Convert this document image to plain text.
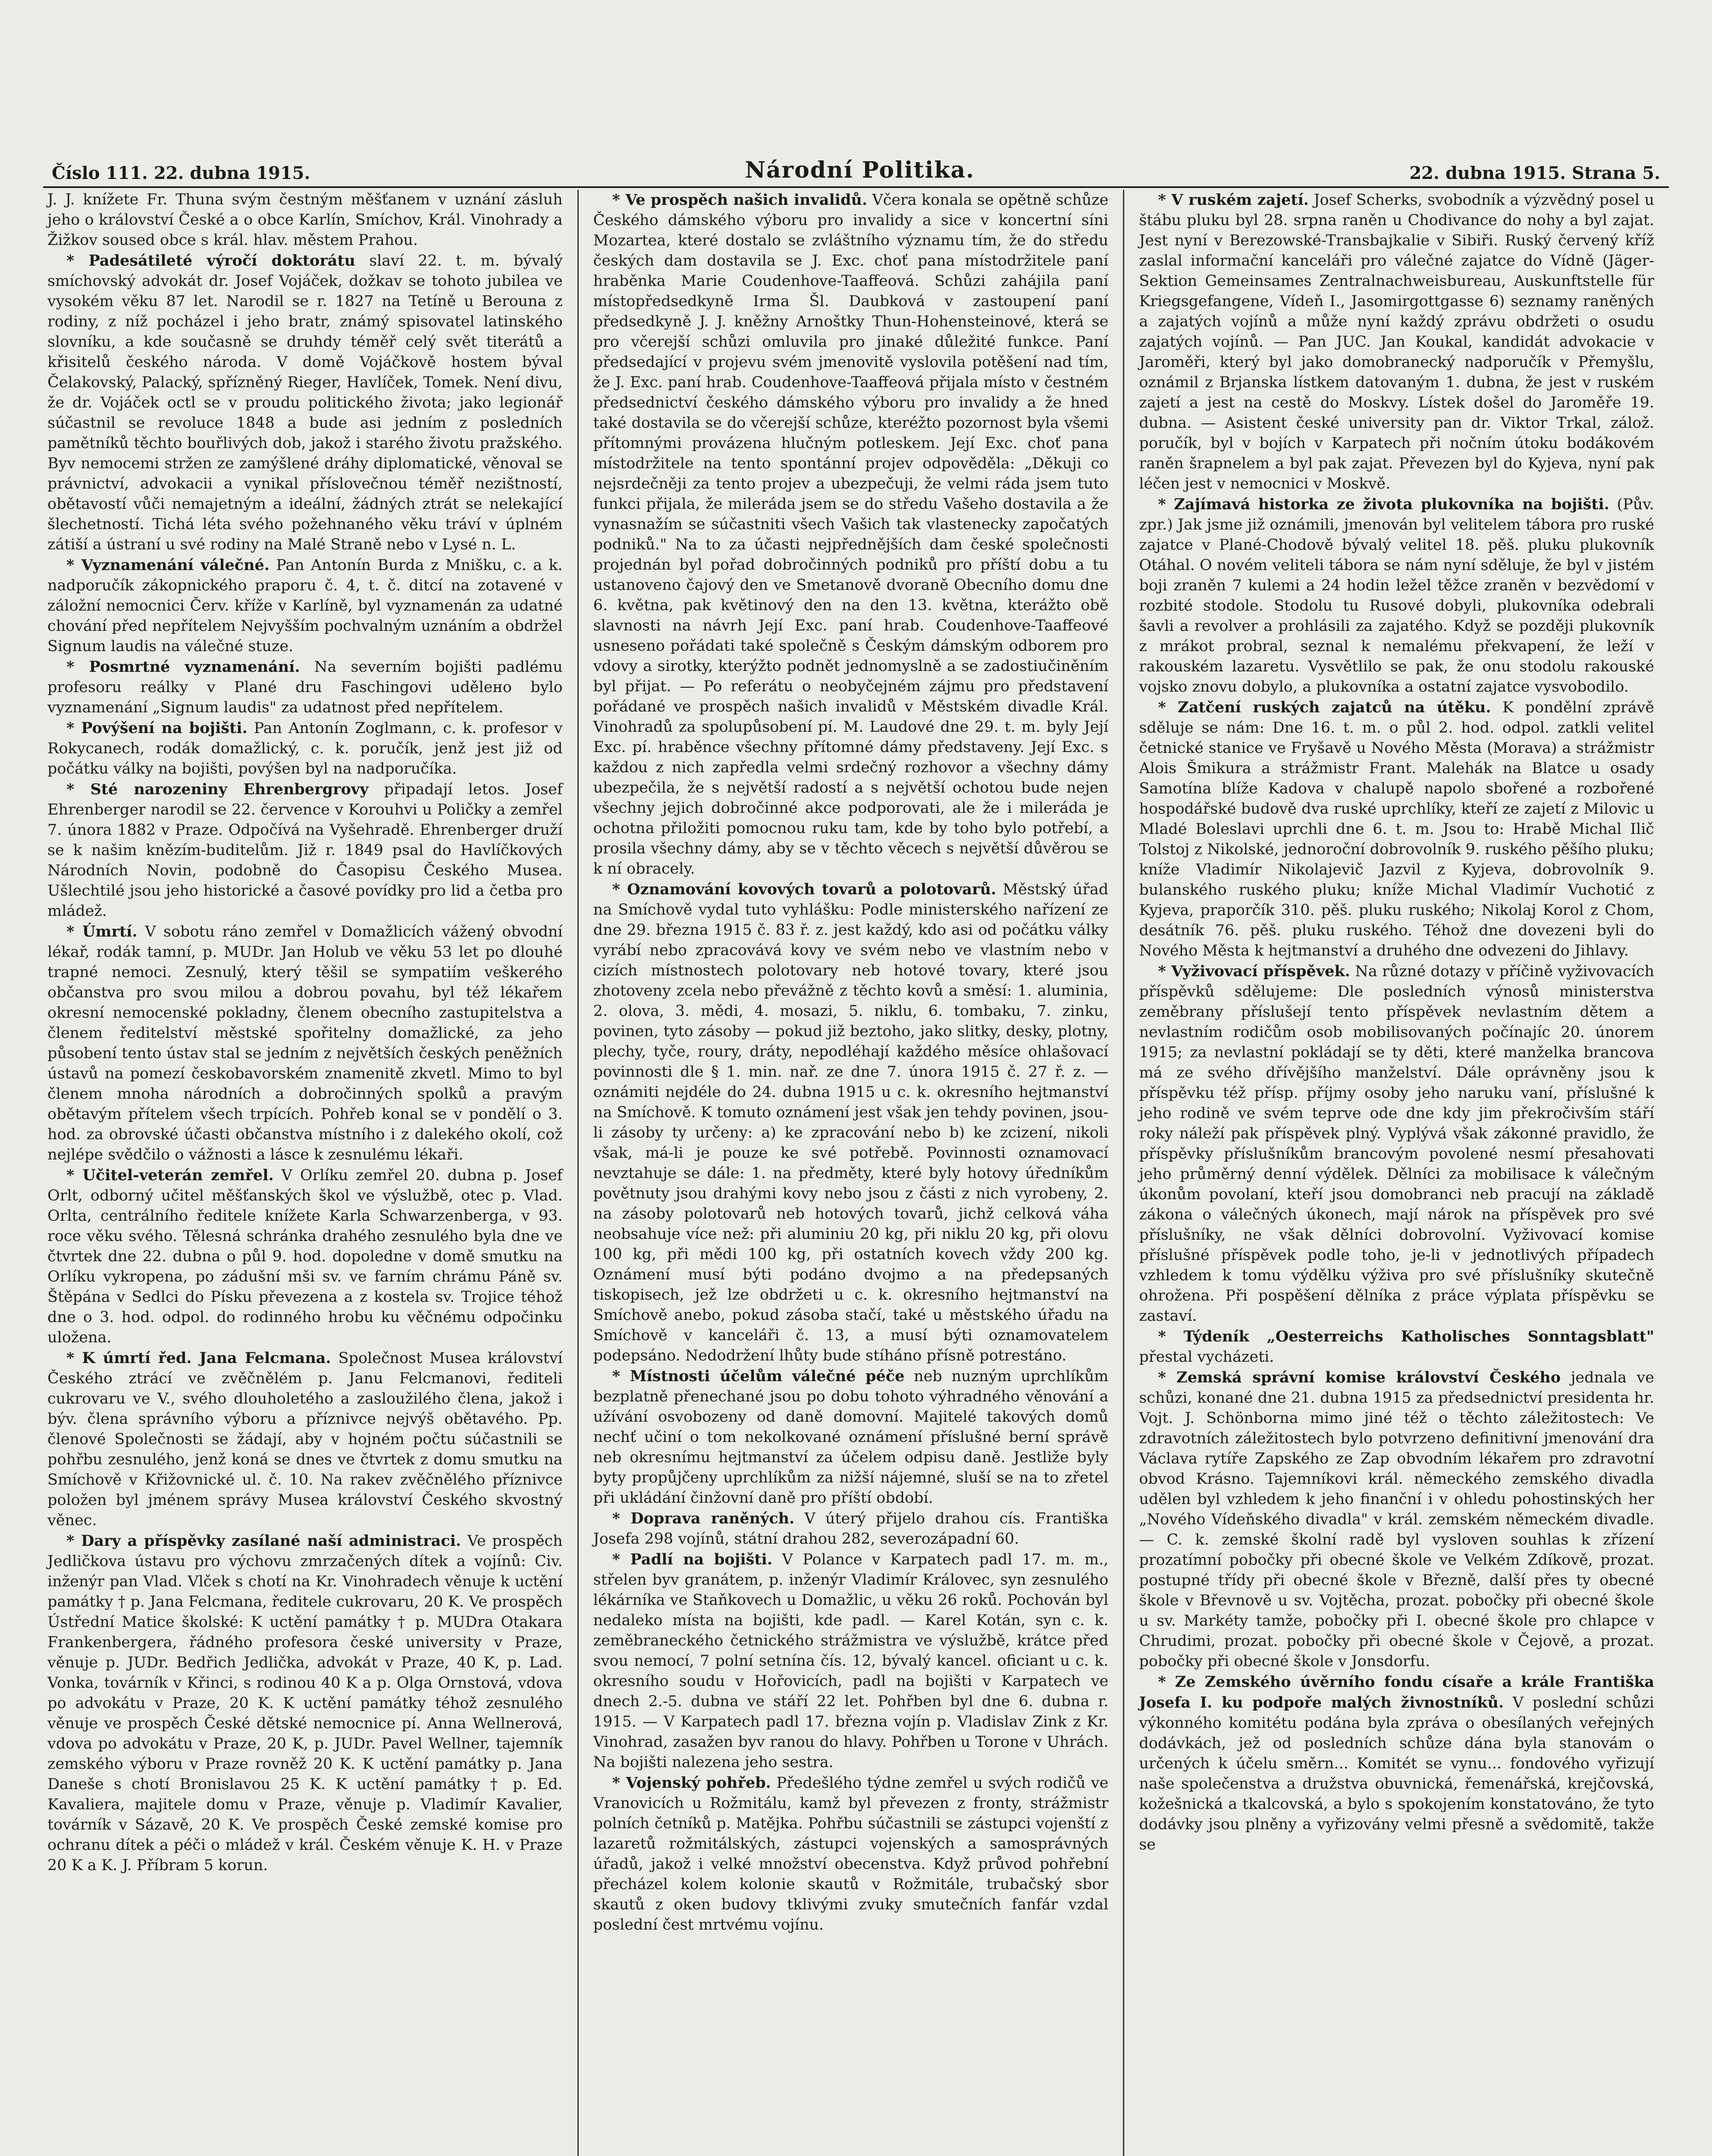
Číslo 111. 22. dubna 1915.	Národní Politika.	22. dubna 1915. Strana 5.

J. J. knížete Fr. Thuna svým čestným měšťanem v uznání zásluh jeho o království České a o obce Karlín, Smíchov, Král. Vinohrady a Žižkov soused obce s král. hlav. městem Prahou.

* Padesátileté výročí doktorátu slaví 22. t. m. bývalý smíchovský advokát dr. Josef Vojáček, dožkav se tohoto jubilea ve vysokém věku 87 let. Narodil se r. 1827 na Tetíně u Berouna z rodiny, z níž pocházel i jeho bratr, známý spisovatel latinského slovníku, a kde současně se druhdy téměř celý svět titerátů a křisitelů českého národa. V domě Vojáčkově hostem býval Čelakovský, Palacký, spřízněný Rieger, Havlíček, Tomek. Není divu, že dr. Vojáček octl se v proudu politického života; jako legionář súčastnil se revoluce 1848 a bude asi jedním z posledních pamětníků těchto bouřlivých dob, jakož i starého životu pražského. Byv nemocemi stržen ze zamýšlené dráhy diplomatické, věnoval se právnictví, advokacii a vynikal příslovečnou téměř nezištností, obětavostí vůči nemajetným a ideální, žádných ztrát se nelekající šlechetností. Tichá léta svého požehnaného věku tráví v úplném zátiší a ústraní u své rodiny na Malé Straně nebo v Lysé n. L.

* Vyznamenání válečné. Pan Antonín Burda z Mnišku, c. a k. nadporučík zákopnického praporu č. 4, t. č. ditcí na zotavené v záložní nemocnici Červ. kříže v Karlíně, byl vyznamenán za udatné chování před nepřítelem Nejvyšším pochvalným uznáním a obdržel Signum laudis na válečné stuze.

* Posmrtné vyznamenání. Na severním bojišti padlému profesoru reálky v Plané dru Faschingovi udělено bylo vyznamenání „Signum laudis" za udatnost před nepřítelem.

* Povýšení na bojišti. Pan Antonín Zoglmann, c. k. profesor v Rokycanech, rodák domažlický, c. k. poručík, jenž jest již od počátku války na bojišti, povýšen byl na nadporučíka.

* Sté narozeniny Ehrenbergrovy připadají letos. Josef Ehrenberger narodil se 22. července v Korouhvi u Poličky a zemřel 7. února 1882 v Praze. Odpočívá na Vyšehradě. Ehrenberger druží se k našim knězím-buditelům. Již r. 1849 psal do Havlíčkových Národních Novin, podobně do Časopisu Českého Musea. Ušlechtilé jsou jeho historické a časové povídky pro lid a četba pro mládež.

* Úmrtí. V sobotu ráno zemřel v Domažlicích vážený obvodní lékař, rodák tamní, p. MUDr. Jan Holub ve věku 53 let po dlouhé trapné nemoci. Zesnulý, který těšil se sympatiím veškerého občanstva pro svou milou a dobrou povahu, byl též lékařem okresní nemocenské pokladny, členem obecního zastupitelstva a členem ředitelství městské spořitelny domažlické, za jeho působení tento ústav stal se jedním z největších českých peněžních ústavů na pomezí českobavorském znamenitě zkvetl. Mimo to byl členem mnoha národních a dobročinných spolků a pravým obětavým přítelem všech trpících. Pohřeb konal se v pondělí o 3. hod. za obrovské účasti občanstva místního i z dalekého okolí, což nejlépe svědčilo o vážnosti a lásce k zesnulému lékaři.

* Učitel-veterán zemřel. V Orlíku zemřel 20. dubna p. Josef Orlt, odborný učitel měšťanských škol ve výslužbě, otec p. Vlad. Orlta, centrálního ředitele knížete Karla Schwarzenberga, v 93. roce věku svého. Tělesná schránka drahého zesnulého byla dne ve čtvrtek dne 22. dubna o půl 9. hod. dopoledne v domě smutku na Orlíku vykropena, po zádušní mši sv. ve farním chrámu Páně sv. Štěpána v Sedlci do Písku převezena a z kostela sv. Trojice téhož dne o 3. hod. odpol. do rodinného hrobu ku věčnému odpočinku uložena.

* K úmrtí řed. Jana Felcmana. Společnost Musea království Českého ztrácí ve zvěčnělém p. Janu Felcmanovi, řediteli cukrovaru ve V., svého dlouholetého a zasloužilého člena, jakož i býv. člena správního výboru a příznivce nejvýš obětavého. Pp. členové Společnosti se žádají, aby v hojném počtu súčastnili se pohřbu zesnulého, jenž koná se dnes ve čtvrtek z domu smutku na Smíchově v Křižovnické ul. č. 10. Na rakev zvěčnělého příznivce položen byl jménem správy Musea království Českého skvostný věnec.

* Dary a příspěvky zasílané naší administraci. Ve prospěch Jedličkova ústavu pro výchovu zmrzačených dítek a vojínů: Civ. inženýr pan Vlad. Vlček s chotí na Kr. Vinohradech věnuje k uctění památky † p. Jana Felcmana, ředitele cukrovaru, 20 K. Ve prospěch Ústřední Matice školské: K uctění památky † p. MUDra Otakara Frankenbergera, řádného profesora české university v Praze, věnuje p. JUDr. Bedřich Jedlička, advokát v Praze, 40 K, p. Lad. Vonka, továrník v Křinci, s rodinou 40 K a p. Olga Ornstová, vdova po advokátu v Praze, 20 K. K uctění památky téhož zesnulého věnuje ve prospěch České dětské nemocnice pí. Anna Wellnerová, vdova po advokátu v Praze, 20 K, p. JUDr. Pavel Wellner, tajemník zemského výboru v Praze rovněž 20 K. K uctění památky p. Jana Daneše s chotí Bronislavou 25 K. K uctění památky † p. Ed. Kavaliera, majitele domu v Praze, věnuje p. Vladimír Kavalier, továrník v Sázavě, 20 K. Ve prospěch České zemské komise pro ochranu dítek a péči o mládež v král. Českém věnuje K. H. v Praze 20 K a K. J. Příbram 5 korun.

* Ve prospěch našich invalidů. Včera konala se opětně schůze Českého dámského výboru pro invalidy a sice v koncertní síni Mozartea, které dostalo se zvláštního významu tím, že do středu českých dam dostavila se J. Exc. choť pana místodržitele paní hraběnka Marie Coudenhove-Taaffeová. Schůzi zahájila paní místopředsedkyně Irma Šl. Daubková v zastoupení paní předsedkyně J. J. kněžny Arnoštky Thun-Hohensteinové, která se pro včerejší schůzi omluvila pro jinaké důležité funkce. Paní předsedající v projevu svém jmenovitě vyslovila potěšení nad tím, že J. Exc. paní hrab. Coudenhove-Taaffeová přijala místo v čestném předsednictví českého dámského výboru pro invalidy a že hned také dostavila se do včerejší schůze, kteréžto pozornost byla všemi přítomnými provázena hlučným potleskem. Její Exc. choť pana místodržitele na tento spontánní projev odpověděla: „Děkuji co nejsrdečněji za tento projev a ubezpečuji, že velmi ráda jsem tuto funkci přijala, že mileráda jsem se do středu Vašeho dostavila a že vynasnažím se súčastniti všech Vašich tak vlastenecky započatých podniků." Na to za účasti nejpřednějších dam české společnosti projednán byl pořad dobročinných podniků pro příští dobu a tu ustanoveno čajový den ve Smetanově dvoraně Obecního domu dne 6. května, pak květinový den na den 13. května, kterážto obě slavnosti na návrh Její Exc. paní hrab. Coudenhove-Taaffeové usneseno pořádati také společně s Českým dámským odborem pro vdovy a sirotky, kterýžto podnět jednomyslně a se zadostiučiněním byl přijat. — Po referátu o neobyčejném zájmu pro představení pořádané ve prospěch našich invalidů v Městském divadle Král. Vinohradů za spolupůsobení pí. M. Laudové dne 29. t. m. byly Její Exc. pí. hraběnce všechny přítomné dámy představeny. Její Exc. s každou z nich zapředla velmi srdečný rozhovor a všechny dámy ubezpečila, že s největší radostí a s největší ochotou bude nejen všechny jejich dobročinné akce podporovati, ale že i milerádа je ochotna přiložiti pomocnou ruku tam, kde by toho bylo potřebí, a prosila všechny dámy, aby se v těchto věcech s největší důvěrou se k ní obracely.

* Oznamování kovových tovarů a polotovarů. Městský úřad na Smíchově vydal tuto vyhlášku: Podle ministerského nařízení ze dne 29. března 1915 č. 83 ř. z. jest každý, kdo asi od počátku války vyrábí nebo zpracovává kovy ve svém nebo ve vlastním nebo v cizích místnostech polotovary neb hotové tovary, které jsou zhotoveny zcela nebo převážně z těchto kovů a směsí: 1. aluminia, 2. olova, 3. mědi, 4. mosazi, 5. niklu, 6. tombaku, 7. zinku, povinen, tyto zásoby — pokud již beztoho, jako slitky, desky, plotny, plechy, tyče, roury, dráty, nepodléhají každého měsíce ohlašovací povinnosti dle § 1. min. nař. ze dne 7. února 1915 č. 27 ř. z. — oznámiti nejdéle do 24. dubna 1915 u c. k. okresního hejtmanství na Smíchově. K tomuto oznámení jest však jen tehdy povinen, jsou-li zásoby ty určeny: a) ke zpracování nebo b) ke zcizení, nikoli však, má-li je pouze ke své potřebě. Povinnosti oznamovací nevztahuje se dále: 1. na předměty, které byly hotovy úředníkům povětnuty jsou drahými kovy nebo jsou z části z nich vyrobeny, 2. na zásoby polotovarů neb hotových tovarů, jichž celková váha neobsahuje více než: při aluminiu 20 kg, při niklu 20 kg, při olovu 100 kg, při mědi 100 kg, při ostatních kovech vždy 200 kg. Oznámení musí býti podáno dvojmo a na předepsaných tiskopisech, jež lze obdržeti u c. k. okresního hejtmanství na Smíchově anebo, pokud zásoba stačí, také u městského úřadu na Smíchově v kanceláři č. 13, a musí býti oznamovatelem podepsáno. Nedodržení lhůty bude stíháno přísně potrestáno.

* Místnosti účelům válečné péče neb nuzným uprchlíkům bezplatně přenechané jsou po dobu tohoto výhradného věnování a užívání osvobozeny od daně domovní. Majitelé takových domů nechť učiní o tom nekolkované oznámení příslušné berní správě neb okresnímu hejtmanství za účelem odpisu daně. Jestliže byly byty propůjčeny uprchlíkům za nižší nájemné, sluší se na to zřetel při ukládání činžovní daně pro příští období.

* Doprava raněných. V úterý přijelo drahou cís. Františka Josefa 298 vojínů, státní drahou 282, severozápadní 60.

* Padlí na bojišti. V Polance v Karpatech padl 17. m. m., střelen byv granátem, p. inženýr Vladimír Královec, syn zesnulého lékárníka ve Staňkovech u Domažlic, u věku 26 roků. Pochován byl nedaleko místa na bojišti, kde padl. — Karel Kotán, syn c. k. zeměbraneckého četnického strážmistra ve výslužbě, krátce před svou nemocí, 7 polní setnína čís. 12, bývalý kancel. oficiant u c. k. okresního soudu v Hořovicích, padl na bojišti v Karpatech ve dnech 2.-5. dubna ve stáří 22 let. Pohřben byl dne 6. dubna r. 1915. — V Karpatech padl 17. března vojín p. Vladislav Zink z Kr. Vinohrad, zasažen byv ranou do hlavy. Pohřben u Torone v Uhrách. Na bojišti nalezena jeho sestra.

* Vojenský pohřeb. Předešlého týdne zemřel u svých rodičů ve Vranovicích u Rožmitálu, kamž byl převezen z fronty, strážmistr polních četníků p. Matějka. Pohřbu súčastnili se zástupci vojenští z lazaretů rožmitálských, zástupci vojenských a samosprávných úřadů, jakož i velké množství obecenstva. Když průvod pohřební přecházel kolem kolonie skautů v Rožmitále, trubačský sbor skautů z oken budovy tklivými zvuky smutečních fanfár vzdal poslední čest mrtvému vojínu.

* V ruském zajetí. Josef Scherks, svobodník a výzvědný posel u štábu pluku byl 28. srpna raněn u Chodivance do nohy a byl zajat. Jest nyní v Berezowské-Transbajkalie v Sibiři. Ruský červený kříž zaslal informační kanceláři pro válečné zajatce do Vídně (Jäger-Sektion Gemeinsames Zentralnachweisbureau, Auskunftstelle für Kriegsgefangene, Vídeň I., Jasomirgottgasse 6) seznamy raněných a zajatých vojínů a může nyní každý zprávu obdržeti o osudu zajatých vojínů. — Pan JUC. Jan Koukal, kandidát advokacie v Jaroměři, který byl jako domobranecký nadporučík v Přemyšlu, oznámil z Brjanska lístkem datovaným 1. dubna, že jest v ruském zajetí a jest na cestě do Moskvy. Lístek došel do Jaroměře 19. dubna. — Asistent české university pan dr. Viktor Trkal, zálož. poručík, byl v bojích v Karpatech při nočním útoku bodákovém raněn šrapnelem a byl pak zajat. Převezen byl do Kyjeva, nyní pak léčen jest v nemocnici v Moskvě.

* Zajímavá historka ze života plukovníka na bojišti. (Pův. zpr.) Jak jsme již oznámili, jmenován byl velitelem tábora pro ruské zajatce v Plané-Chodově bývalý velitel 18. pěš. pluku plukovník Otáhal. O novém veliteli tábora se nám nyní sděluje, že byl v jistém boji zraněn 7 kulemi a 24 hodin ležel těžce zraněn v bezvědomí v rozbité stodole. Stodolu tu Rusové dobyli, plukovníka odebrali šavli a revolver a prohlásili za zajatého. Když se později plukovník z mrákot probral, seznal k nemalému překvapení, že leží v rakouském lazaretu. Vysvětlilo se pak, že onu stodolu rakouské vojsko znovu dobylo, a plukovníka a ostatní zajatce vysvobodilo.

* Zatčení ruských zajatců na útěku. K pondělní zprávě sděluje se nám: Dne 16. t. m. o půl 2. hod. odpol. zatkli velitel četnické stanice ve Fryšavě u Nového Města (Morava) a strážmistr Alois Šmikura a strážmistr Frant. Malehák na Blatce u osady Samotína blíže Kadova v chalupě napolo sbořené a rozbořené hospodářské budově dva ruské uprchlíky, kteří ze zajetí z Milovic u Mladé Boleslavi uprchli dne 6. t. m. Jsou to: Hrabě Michal Ilič Tolstoj z Nikolské, jednoroční dobrovolník 9. ruského pěšího pluku; kníže Vladimír Nikolajevič Jazvil z Kyjeva, dobrovolník 9. bulanského ruského pluku; kníže Michal Vladimír Vuchotić z Kyjeva, praporčík 310. pěš. pluku ruského; Nikolaj Korol z Chom, desátník 76. pěš. pluku ruského. Téhož dne dovezeni byli do Nového Města k hejtmanství a druhého dne odvezeni do Jihlavy.

* Vyživovací příspěvek. Na různé dotazy v příčině vyživovacích příspěvků sdělujeme: Dle posledních výnosů ministerstva zeměbrany příslušejí tento příspěvek nevlastním dětem a nevlastním rodičům osob mobilisovaných počínajíc 20. únorem 1915; za nevlastní pokládají se ty děti, které manželka brancova má ze svého dřívějšího manželství. Dále oprávněny jsou k příspěvku též přísp. příjmy osoby jeho naruku vaní, příslušné k jeho rodině ve svém teprve ode dne kdy jim překročivším stáří roky náleží pak příspěvek plný. Vyplývá však zákonné pravidlo, že příspěvky příslušníkům brancovým povolené nesmí přesahovati jeho průměrný denní výdělek. Dělníci za mobilisace k válečným úkonům povolaní, kteří jsou domobranci neb pracují na základě zákona o válečných úkonech, mají nárok na příspěvek pro své příslušníky, ne však dělníci dobrovolní. Vyživovací komise příslušné příspěvek podle toho, je-li v jednotlivých případech vzhledem k tomu výdělku výživa pro své příslušníky skutečně ohrožena. Při pospěšení dělníka z práce výplata příspěvku se zastaví.

* Týdeník „Oesterreichs Katholisches Sonntagsblatt" přestal vycházeti.

* Zemská správní komise království Českého jednala ve schůzi, konané dne 21. dubna 1915 za předsednictví presidenta hr. Vojt. J. Schönborna mimo jiné též o těchto záležitostech: Ve zdravotních záležitostech bylo potvrzeno definitivní jmenování dra Václava rytíře Zapského ze Zap obvodním lékařem pro zdravotní obvod Krásno. Tajemníkovi král. německého zemského divadla udělen byl vzhledem k jeho finanční i v ohledu pohostinských her „Nového Vídeňského divadla" v král. zemském německém divadle. — C. k. zemské školní radě byl vysloven souhlas k zřízení prozatímní pobočky při obecné škole ve Velkém Zdíkově, prozat. postupné třídy při obecné škole v Březně, další přes ty obecné škole v Břevnově u sv. Vojtěcha, prozat. pobočky při obecné škole u sv. Markéty tamže, pobočky při I. obecné škole pro chlapce v Chrudimi, prozat. pobočky při obecné škole v Čejově, a prozat. pobočky při obecné škole v Jonsdorfu.

* Ze Zemského úvěrního fondu císaře a krále Františka Josefa I. ku podpoře malých živnostníků. V poslední schůzi výkonného komitétu podána byla zpráva o obesílaných veřejných dodávkách, jež od posledních schůze dána byla stanovám o určených k účelu směrn... Komitét se vynu... fondového vyřizují naše společenstva a družstva obuvnická, řemenářská, krejčovská, kožešnická a tkalcovská, a bylo s spokojením konstatováno, že tyto dodávky jsou plněny a vyřizovány velmi přesně a svědomitě, takže se
